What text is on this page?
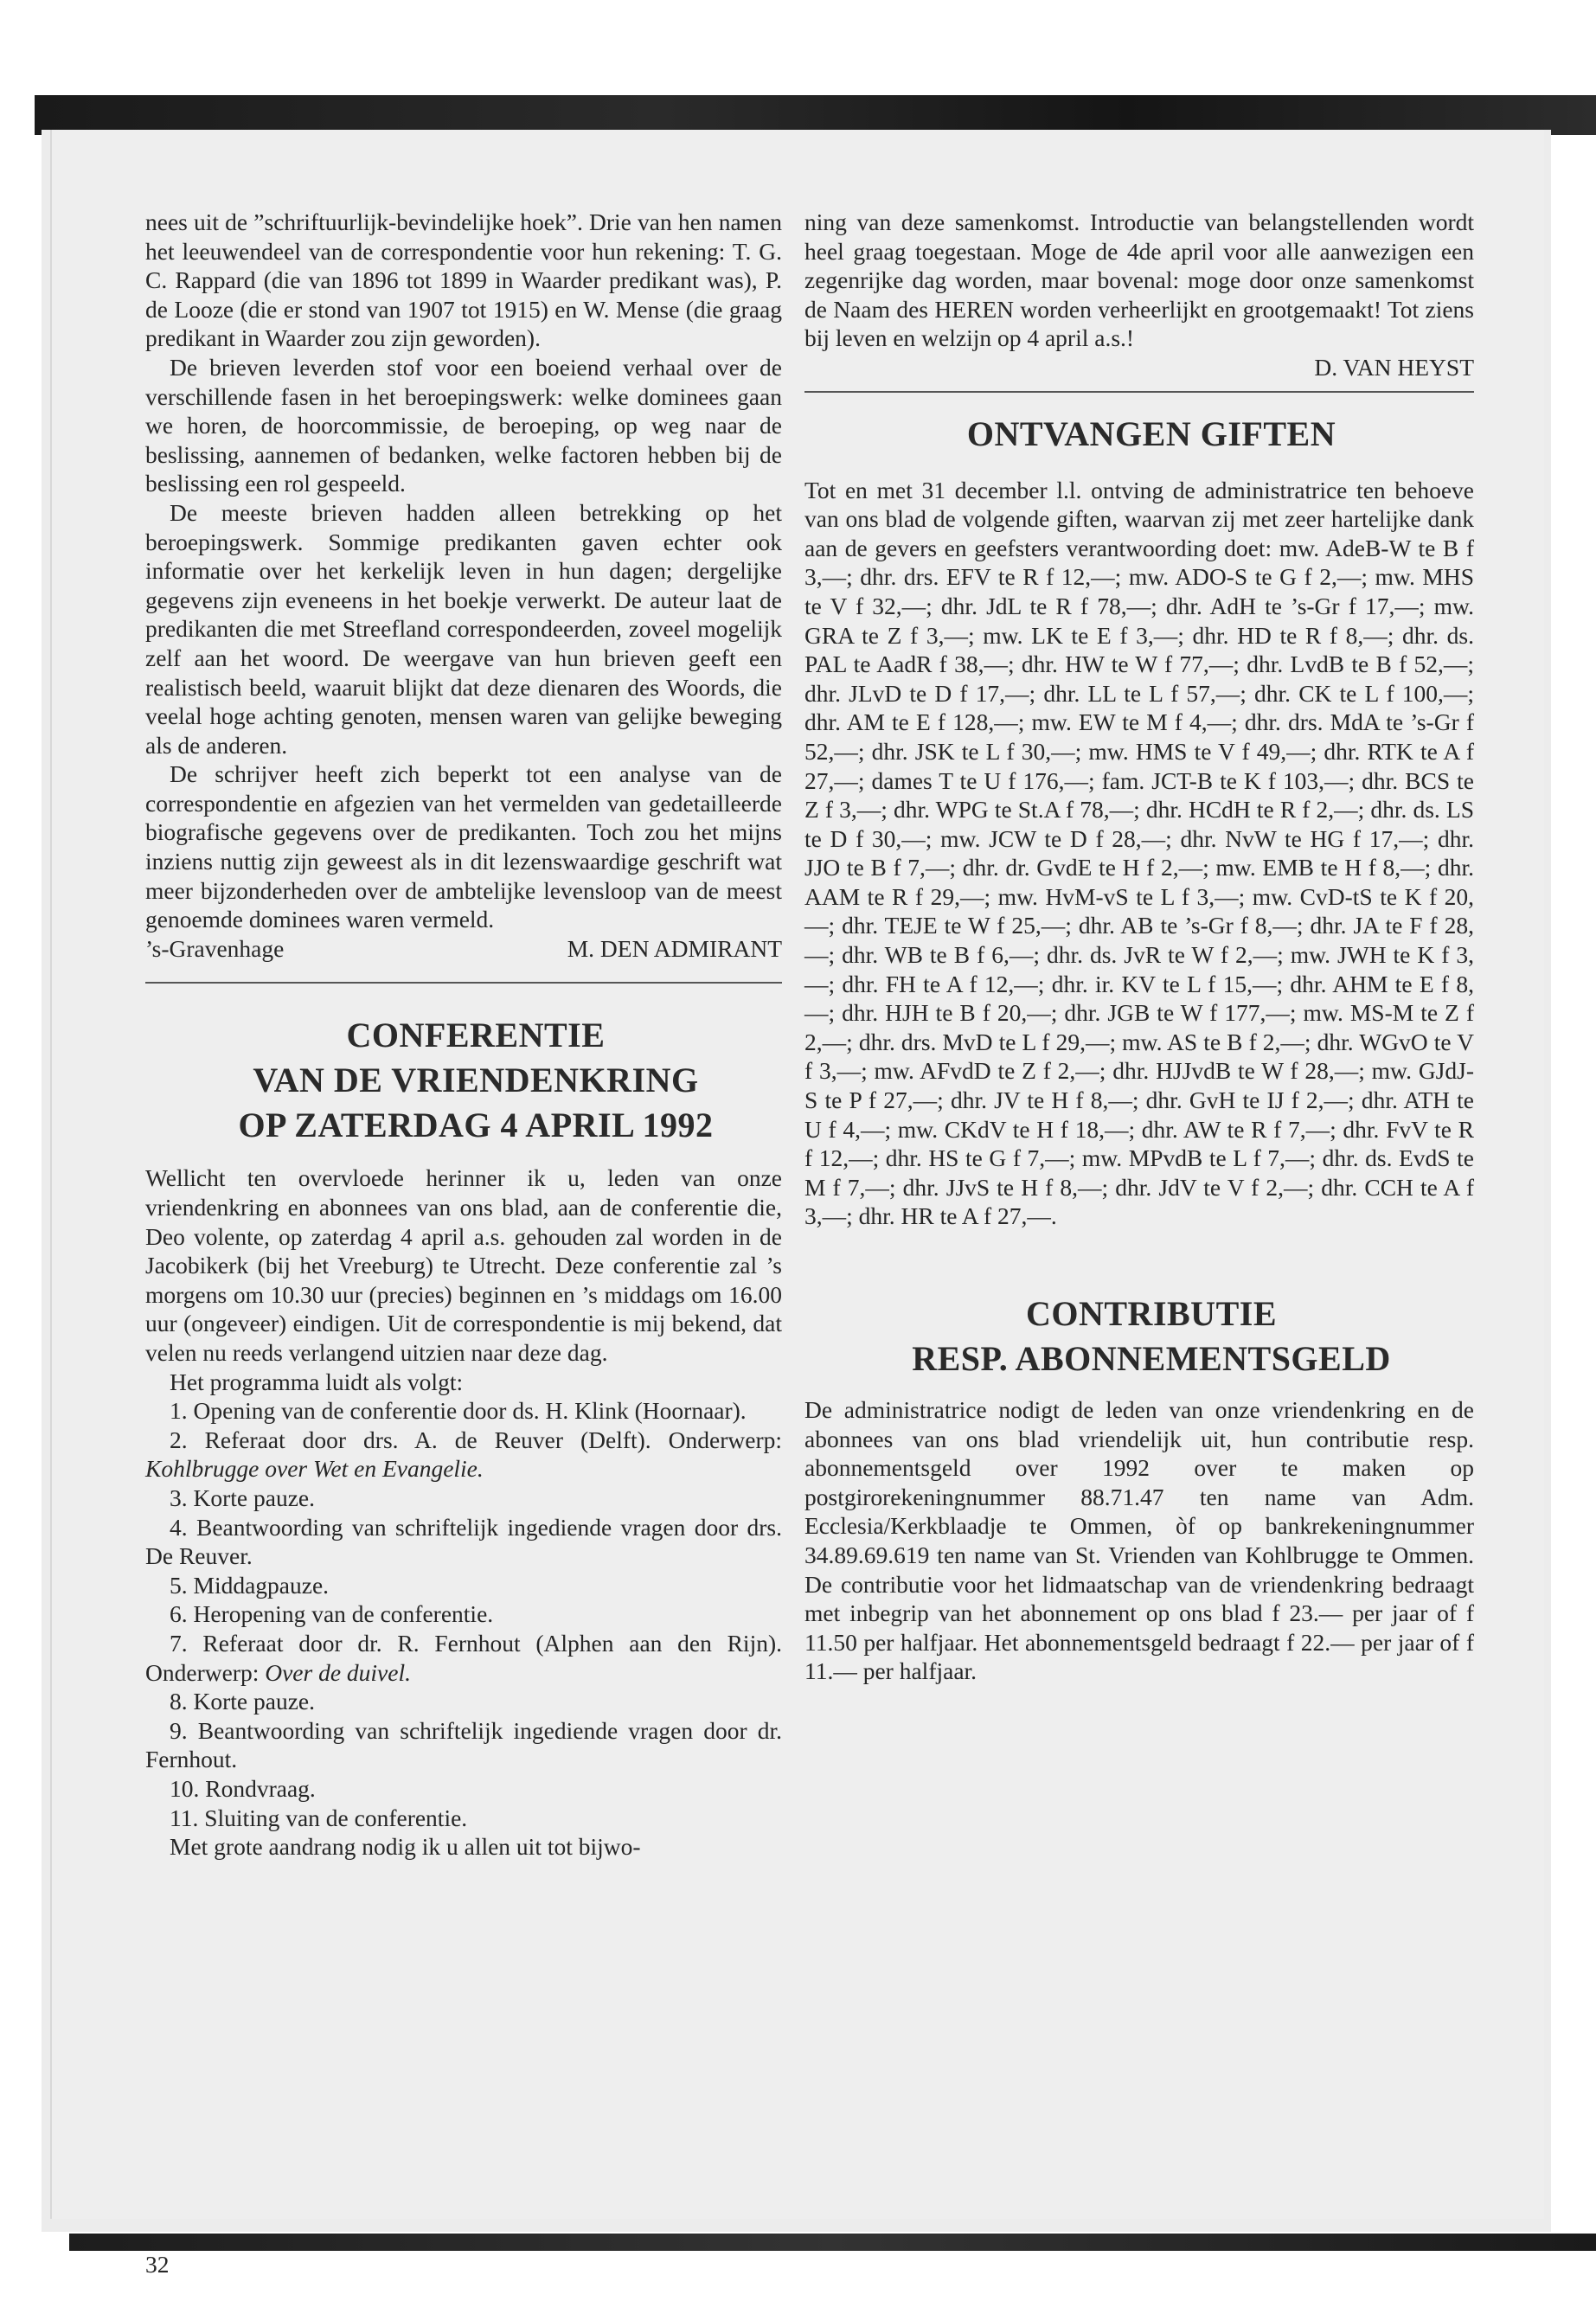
nees uit de ”schriftuurlijk-bevindelijke hoek”. Drie van hen namen het leeuwendeel van de correspondentie voor hun rekening: T. G. C. Rappard (die van 1896 tot 1899 in Waarder predikant was), P. de Looze (die er stond van 1907 tot 1915) en W. Mense (die graag predikant in Waarder zou zijn geworden).

De brieven leverden stof voor een boeiend verhaal over de verschillende fasen in het beroepingswerk: welke dominees gaan we horen, de hoorcommissie, de beroeping, op weg naar de beslissing, aannemen of bedanken, welke factoren hebben bij de beslissing een rol gespeeld.

De meeste brieven hadden alleen betrekking op het beroepingswerk. Sommige predikanten gaven echter ook informatie over het kerkelijk leven in hun dagen; dergelijke gegevens zijn eveneens in het boekje verwerkt. De auteur laat de predikanten die met Streefland correspondeerden, zoveel mogelijk zelf aan het woord. De weergave van hun brieven geeft een realistisch beeld, waaruit blijkt dat deze dienaren des Woords, die veelal hoge achting genoten, mensen waren van gelijke beweging als de anderen.

De schrijver heeft zich beperkt tot een analyse van de correspondentie en afgezien van het vermelden van gedetailleerde biografische gegevens over de predikanten. Toch zou het mijns inziens nuttig zijn geweest als in dit lezenswaardige geschrift wat meer bijzonderheden over de ambtelijke levensloop van de meest genoemde dominees waren vermeld.

’s-Gravenhage	M. DEN ADMIRANT

CONFERENTIE

VAN DE VRIENDENKRING

OP ZATERDAG 4 APRIL 1992

Wellicht ten overvloede herinner ik u, leden van onze vriendenkring en abonnees van ons blad, aan de conferentie die, Deo volente, op zaterdag 4 april a.s. gehouden zal worden in de Jacobikerk (bij het Vreeburg) te Utrecht. Deze conferentie zal ’s morgens om 10.30 uur (precies) beginnen en ’s middags om 16.00 uur (ongeveer) eindigen. Uit de correspondentie is mij bekend, dat velen nu reeds verlangend uitzien naar deze dag.

Het programma luidt als volgt:

1. Opening van de conferentie door ds. H. Klink (Hoornaar).

2. Referaat door drs. A. de Reuver (Delft). Onderwerp: Kohlbrugge over Wet en Evangelie.

3. Korte pauze.

4. Beantwoording van schriftelijk ingediende vragen door drs. De Reuver.

5. Middagpauze.

6. Heropening van de conferentie.

7. Referaat door dr. R. Fernhout (Alphen aan den Rijn). Onderwerp: Over de duivel.

8. Korte pauze.

9. Beantwoording van schriftelijk ingediende vragen door dr. Fernhout.

10. Rondvraag.

11. Sluiting van de conferentie.

Met grote aandrang nodig ik u allen uit tot bijwo-

ning van deze samenkomst. Introductie van belangstellenden wordt heel graag toegestaan. Moge de 4de april voor alle aanwezigen een zegenrijke dag worden, maar bovenal: moge door onze samenkomst de Naam des HEREN worden verheerlijkt en grootgemaakt! Tot ziens bij leven en welzijn op 4 april a.s.!

D. VAN HEYST

ONTVANGEN GIFTEN

Tot en met 31 december l.l. ontving de administratrice ten behoeve van ons blad de volgende giften, waarvan zij met zeer hartelijke dank aan de gevers en geefsters verantwoording doet: mw. AdeB-W te B f 3,—; dhr. drs. EFV te R f 12,—; mw. ADO-S te G f 2,—; mw. MHS te V f 32,—; dhr. JdL te R f 78,—; dhr. AdH te ’s-Gr f 17,—; mw. GRA te Z f 3,—; mw. LK te E f 3,—; dhr. HD te R f 8,—; dhr. ds. PAL te AadR f 38,—; dhr. HW te W f 77,—; dhr. LvdB te B f 52,—; dhr. JLvD te D f 17,—; dhr. LL te L f 57,—; dhr. CK te L f 100,—; dhr. AM te E f 128,—; mw. EW te M f 4,—; dhr. drs. MdA te ’s-Gr f 52,—; dhr. JSK te L f 30,—; mw. HMS te V f 49,—; dhr. RTK te A f 27,—; dames T te U f 176,—; fam. JCT-B te K f 103,—; dhr. BCS te Z f 3,—; dhr. WPG te St.A f 78,—; dhr. HCdH te R f 2,—; dhr. ds. LS te D f 30,—; mw. JCW te D f 28,—; dhr. NvW te HG f 17,—; dhr. JJO te B f 7,—; dhr. dr. GvdE te H f 2,—; mw. EMB te H f 8,—; dhr. AAM te R f 29,—; mw. HvM-vS te L f 3,—; mw. CvD-tS te K f 20,—; dhr. TEJE te W f 25,—; dhr. AB te ’s-Gr f 8,—; dhr. JA te F f 28,—; dhr. WB te B f 6,—; dhr. ds. JvR te W f 2,—; mw. JWH te K f 3,—; dhr. FH te A f 12,—; dhr. ir. KV te L f 15,—; dhr. AHM te E f 8,—; dhr. HJH te B f 20,—; dhr. JGB te W f 177,—; mw. MS-M te Z f 2,—; dhr. drs. MvD te L f 29,—; mw. AS te B f 2,—; dhr. WGvO te V f 3,—; mw. AFvdD te Z f 2,—; dhr. HJJvdB te W f 28,—; mw. GJdJ-S te P f 27,—; dhr. JV te H f 8,—; dhr. GvH te IJ f 2,—; dhr. ATH te U f 4,—; mw. CKdV te H f 18,—; dhr. AW te R f 7,—; dhr. FvV te R f 12,—; dhr. HS te G f 7,—; mw. MPvdB te L f 7,—; dhr. ds. EvdS te M f 7,—; dhr. JJvS te H f 8,—; dhr. JdV te V f 2,—; dhr. CCH te A f 3,—; dhr. HR te A f 27,—.

CONTRIBUTIE

RESP. ABONNEMENTSGELD

De administratrice nodigt de leden van onze vriendenkring en de abonnees van ons blad vriendelijk uit, hun contributie resp. abonnementsgeld over 1992 over te maken op postgirorekeningnummer 88.71.47 ten name van Adm. Ecclesia/Kerkblaadje te Ommen, òf op bankrekeningnummer 34.89.69.619 ten name van St. Vrienden van Kohlbrugge te Ommen. De contributie voor het lidmaatschap van de vriendenkring bedraagt met inbegrip van het abonnement op ons blad f 23.— per jaar of f 11.50 per halfjaar. Het abonnementsgeld bedraagt f 22.— per jaar of f 11.— per halfjaar.

32
